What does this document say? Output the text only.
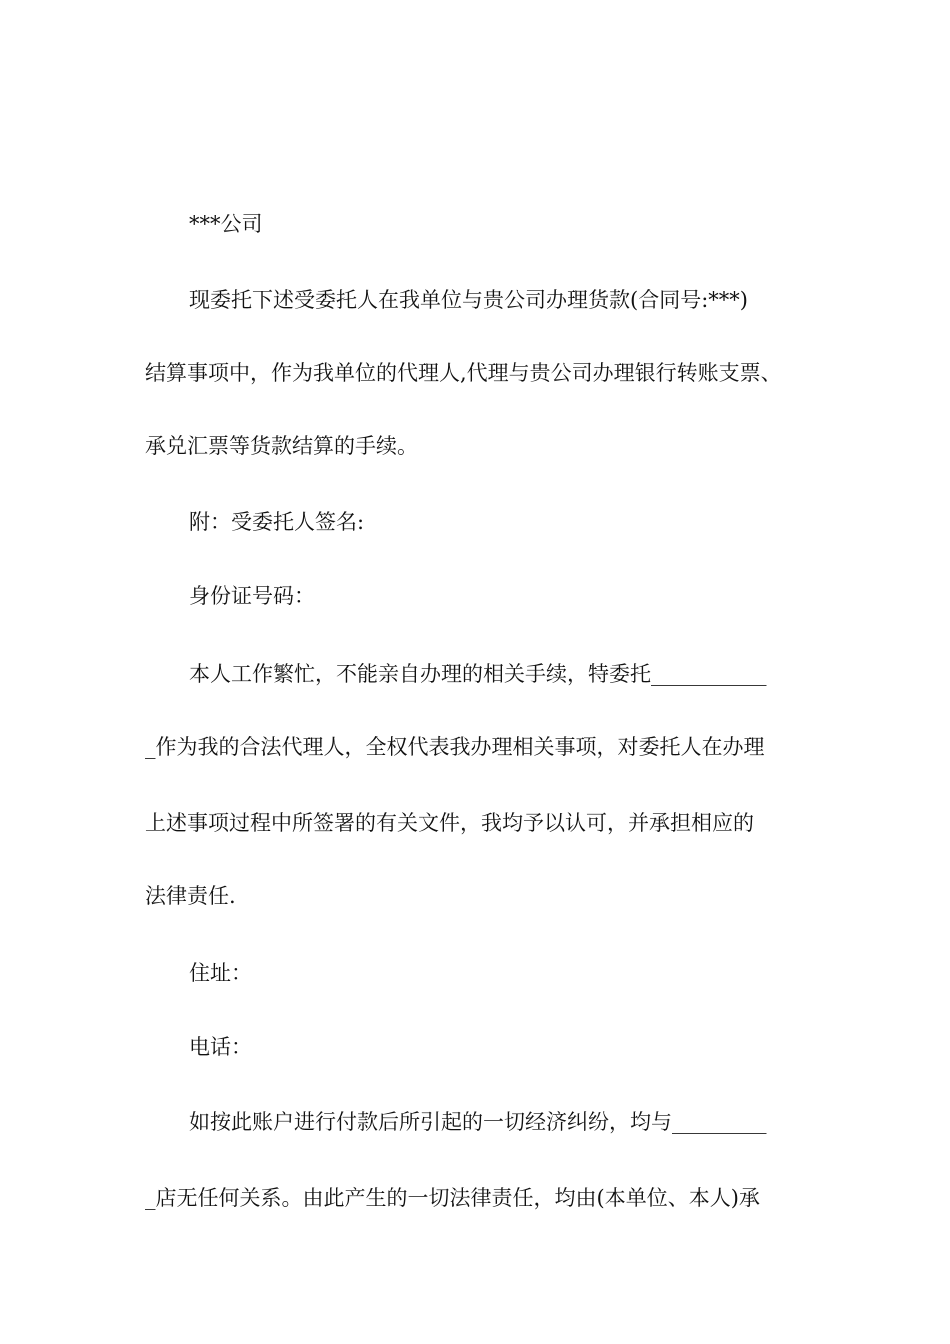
***公司
现委托下述受委托人在我单位与贵公司办理货款(合同号:***)
结算事项中，作为我单位的代理人,代理与贵公司办理银行转账支票、
承兑汇票等货款结算的手续。
附：受委托人签名:
身份证号码：
本人工作繁忙，不能亲自办理的相关手续，特委托___________
_作为我的合法代理人，全权代表我办理相关事项，对委托人在办理
上述事项过程中所签署的有关文件，我均予以认可，并承担相应的
法律责任.
住址：
电话：
如按此账户进行付款后所引起的一切经济纠纷，均与_________
_店无任何关系。由此产生的一切法律责任，均由(本单位、本人)承
